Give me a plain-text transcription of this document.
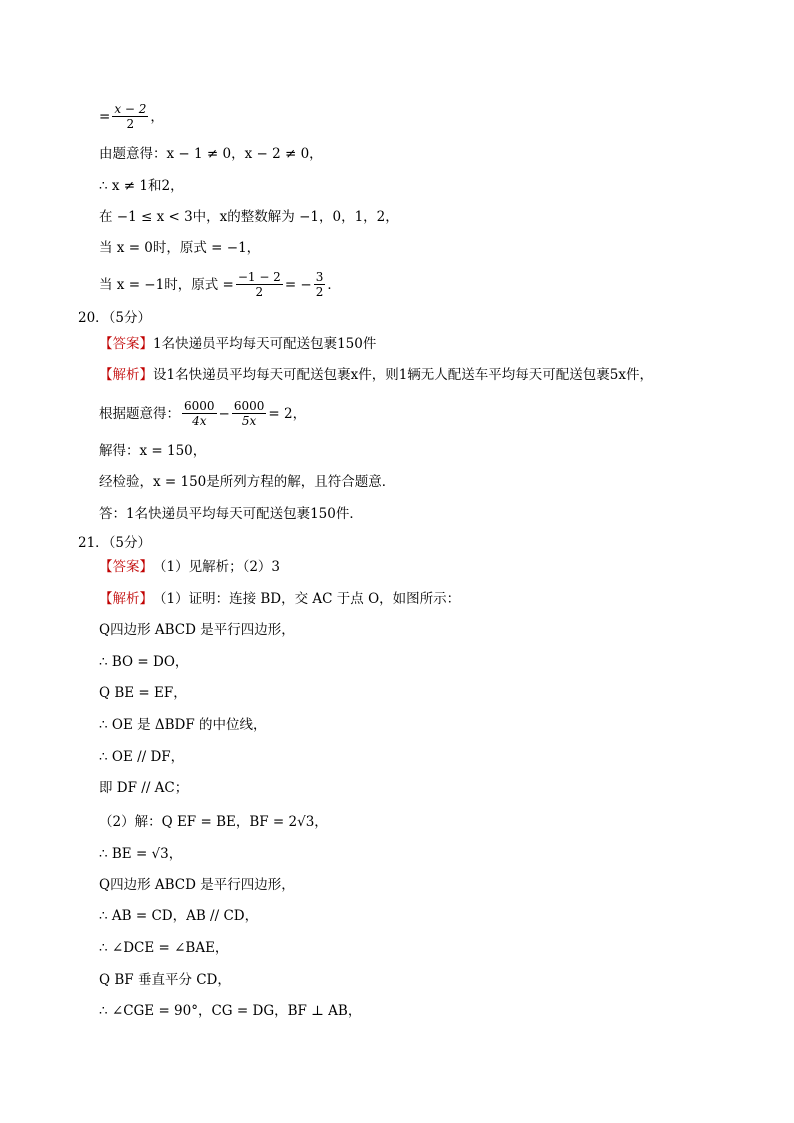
= $\frac{x - 2}{2}$ ，
由题意得：x − 1 ≠ 0，x − 2 ≠ 0，
∴ x ≠ 1和2，
在 −1 ≤ x < 3中，x的整数解为 −1，0，1，2，
当 x = 0时，原式 = −1，
当 x = −1时，原式 = $\frac{-1 - 2}{2}$ = − $\frac{3}{2}$ ．
20．（5分）
【答案】 1名快递员平均每天可配送包裹150件
【解析】 设1名快递员平均每天可配送包裹x件，则1辆无人配送车平均每天可配送包裹5x件，
根据题意得： $\frac{6000}{4x} - \frac{6000}{5x} = 2$，
解得：x = 150，
经检验，x = 150是所列方程的解，且符合题意．
答：1名快递员平均每天可配送包裹150件．
21．（5分）
【答案】 （1）见解析；（2）3
【解析】 （1）证明：连接 BD，交 AC 于点 O，如图所示：
Q四边形 ABCD 是平行四边形，
∴ BO = DO，
Q BE = EF，
∴ OE 是 ΔBDF 的中位线，
∴ OE // DF，
即 DF // AC；
（2）解：Q EF = BE，BF = 2√3，
∴ BE = √3，
Q四边形 ABCD 是平行四边形，
∴ AB = CD，AB // CD，
∴ ∠DCE = ∠BAE，
Q BF 垂直平分 CD，
∴ ∠CGE = 90°，CG = DG，BF ⊥ AB，
